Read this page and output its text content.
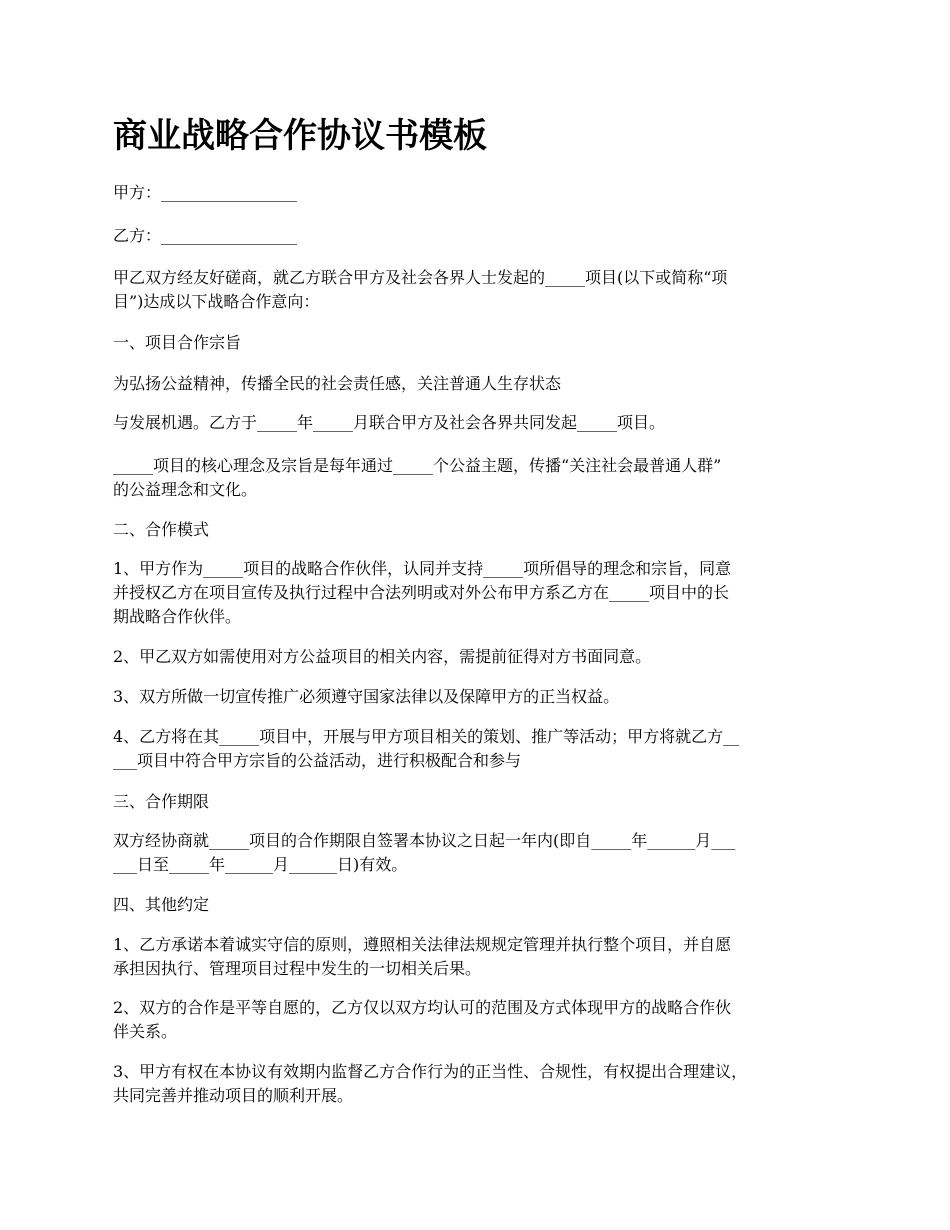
商业战略合作协议书模板

甲方：_________________

乙方：_________________

甲乙双方经友好磋商，就乙方联合甲方及社会各界人士发起的_____项目(以下或简称“项

目”)达成以下战略合作意向：

一、项目合作宗旨

为弘扬公益精神，传播全民的社会责任感，关注普通人生存状态

与发展机遇。乙方于_____年_____月联合甲方及社会各界共同发起_____项目。

_____项目的核心理念及宗旨是每年通过_____个公益主题，传播“关注社会最普通人群”

的公益理念和文化。

二、合作模式

1、甲方作为_____项目的战略合作伙伴，认同并支持_____项所倡导的理念和宗旨，同意

并授权乙方在项目宣传及执行过程中合法列明或对外公布甲方系乙方在_____项目中的长

期战略合作伙伴。

2、甲乙双方如需使用对方公益项目的相关内容，需提前征得对方书面同意。

3、双方所做一切宣传推广必须遵守国家法律以及保障甲方的正当权益。

4、乙方将在其_____项目中，开展与甲方项目相关的策划、推广等活动；甲方将就乙方__

___项目中符合甲方宗旨的公益活动，进行积极配合和参与

三、合作期限

双方经协商就_____项目的合作期限自签署本协议之日起一年内(即自_____年______月___

___日至_____年______月______日)有效。

四、其他约定

1、乙方承诺本着诚实守信的原则，遵照相关法律法规规定管理并执行整个项目，并自愿

承担因执行、管理项目过程中发生的一切相关后果。

2、双方的合作是平等自愿的，乙方仅以双方均认可的范围及方式体现甲方的战略合作伙

伴关系。

3、甲方有权在本协议有效期内监督乙方合作行为的正当性、合规性，有权提出合理建议，

共同完善并推动项目的顺利开展。
